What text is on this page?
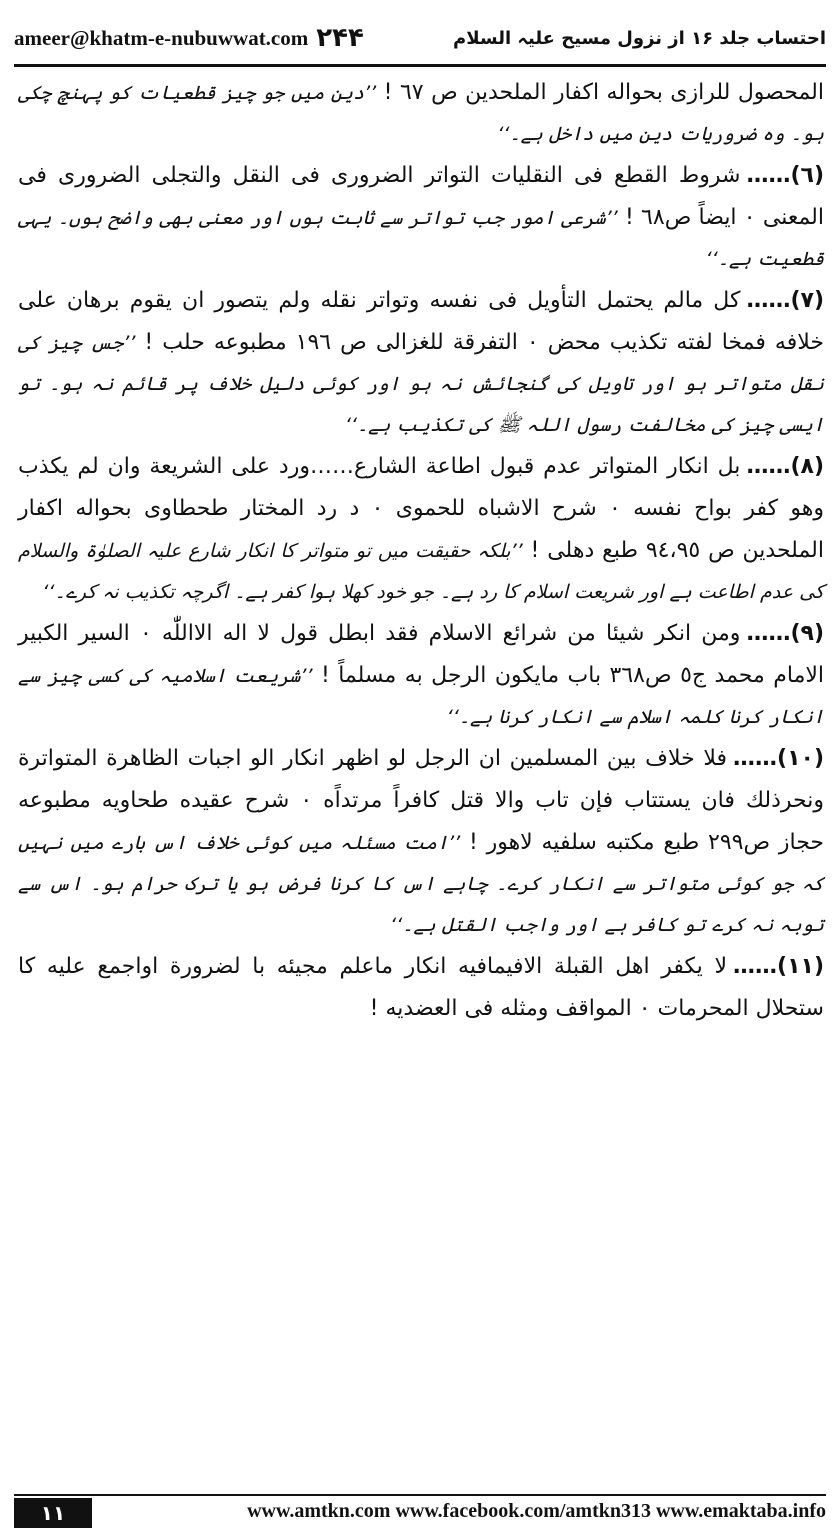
ameer@khatm-e-nubuwwat.com ۲۴۴	احتساب جلد ۱۶ از نزول مسیح علیہ السلام

المحصول للرازی بحواله اکفار الملحدین ص ٦٧ ! ’’دین میں جو چیز قطعیات کو پہنچ چکی ہو۔ وہ ضروریات دین میں داخل ہے۔‘‘

(٦)……شروط القطع فی النقلیات التواتر الضروری فی النقل والتجلی الضروری فی المعنی ۰ ایضاً ص٦٨ ! ’’شرعی امور جب تواتر سے ثابت ہوں اور معنی بھی واضح ہوں۔ یہی قطعیت ہے۔‘‘

(٧)……کل مالم یحتمل التأویل فی نفسه وتواتر نقله ولم یتصور ان یقوم برهان علی خلافه فمخا لفته تکذیب محض ۰ التفرقة للغزالی ص ١٩٦ مطبوعه حلب ! ’’جس چیز کی نقل متواتر ہو اور تاویل کی گنجائش نہ ہو اور کوئی دلیل خلاف پر قائم نہ ہو۔ تو ایسی چیز کی مخالفت رسول اللہ ﷺ کی تکذیب ہے۔‘‘

(٨)……بل انکار المتواتر عدم قبول اطاعة الشارع……ورد علی الشریعة وان لم یکذب وهو کفر بواح نفسه ۰ شرح الاشباه للحموی ۰ د رد المختار طحطاوی بحواله اکفار الملحدین ص ٩٤،٩٥ طبع دهلی ! ’’بلکہ حقیقت میں تو متواتر کا انکار شارع علیہ الصلوٰۃ والسلام کی عدم اطاعت ہے اور شریعت اسلام کا رد ہے۔ جو خود کھلا ہوا کفر ہے۔ اگرچہ تکذیب نہ کرے۔‘‘

(٩)……ومن انکر شیئا من شرائع الاسلام فقد ابطل قول لا اله الااللّٰه ۰ السیر الکبیر الامام محمد ج٥ ص٣٦٨ باب مایکون الرجل به مسلماً ! ’’شریعت اسلامیہ کی کسی چیز سے انکار کرنا کلمہ اسلام سے انکار کرنا ہے۔‘‘

(١٠)……فلا خلاف بین المسلمین ان الرجل لو اظهر انکار الو اجبات الظاهرة المتواترة ونحرذلك فان یستتاب فإن تاب والا قتل کافراً مرتداًه ۰ شرح عقیده طحاویه مطبوعه حجاز ص٢٩٩ طبع مکتبه سلفیه لاهور ! ’’امت مسئلہ میں کوئی خلاف اس بارے میں نہیں کہ جو کوئی متواتر سے انکار کرے۔ چاہے اس کا کرنا فرض ہو یا ترک حرام ہو۔ اس سے توبہ نہ کرے تو کافر ہے اور واجب القتل ہے۔‘‘

(١١)……لا یکفر اهل القبلة الافیمافیه انکار ماعلم مجیئه با لضرورة اواجمع علیه کا ستحلال المحرمات ۰ المواقف ومثله فی العضدیه !

١١	www.amtkn.com www.facebook.com/amtkn313 www.emaktaba.info
